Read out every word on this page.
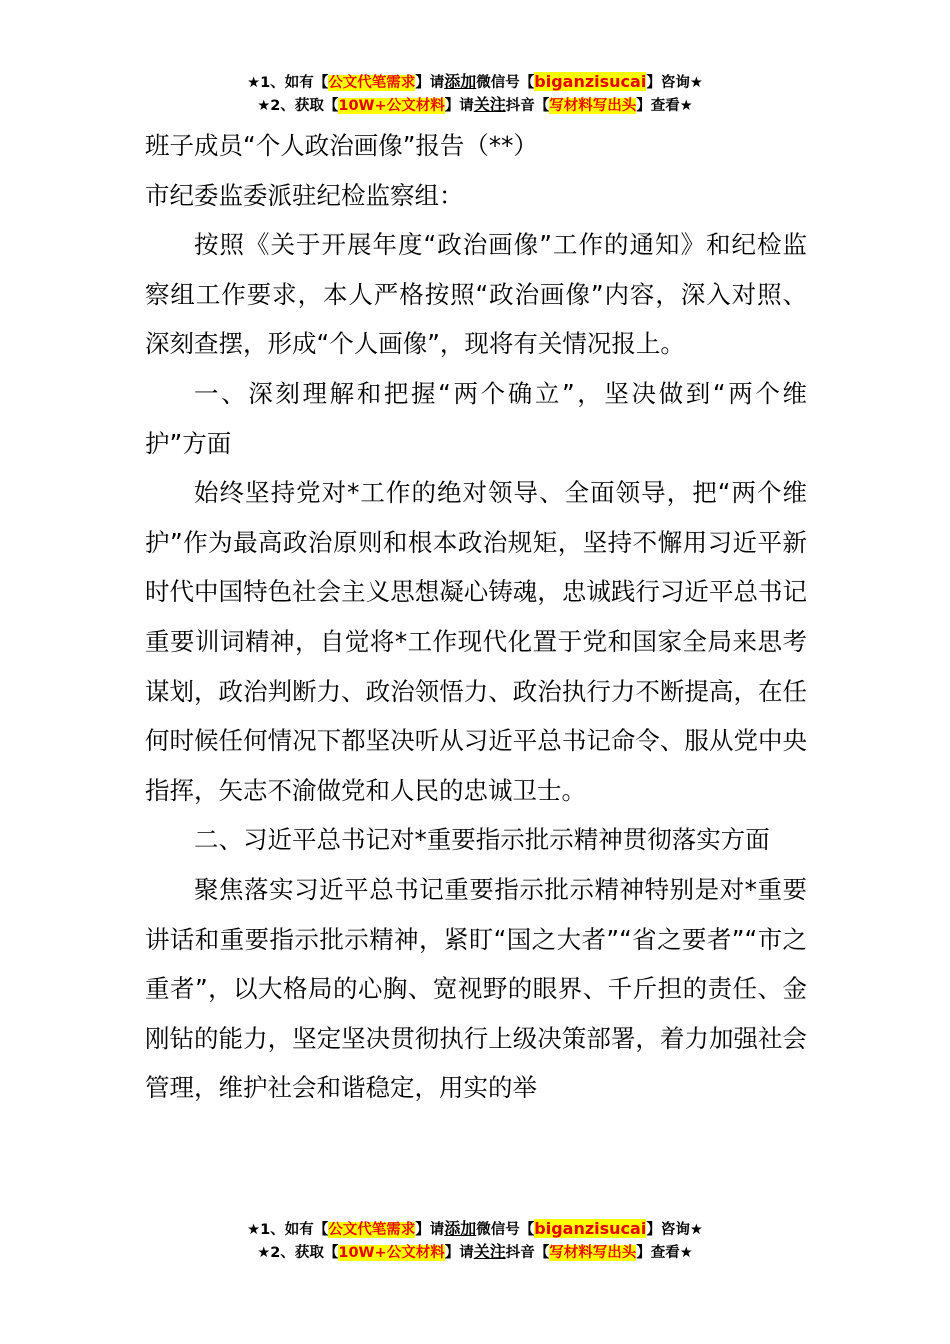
★1、如有【公文代笔需求】请添加微信号【biganzisucai】咨询★
★2、获取【10W+公文材料】请关注抖音【写材料写出头】查看★

班子成员“个人政治画像”报告（**）

市纪委监委派驻纪检监察组：

按照《关于开展年度“政治画像”工作的通知》和纪检监察组工作要求，本人严格按照“政治画像”内容，深入对照、深刻查摆，形成“个人画像”，现将有关情况报上。

一、深刻理解和把握“两个确立”，坚决做到“两个维护”方面

始终坚持党对*工作的绝对领导、全面领导，把“两个维护”作为最高政治原则和根本政治规矩，坚持不懈用习近平新时代中国特色社会主义思想凝心铸魂，忠诚践行习近平总书记重要训词精神，自觉将*工作现代化置于党和国家全局来思考谋划，政治判断力、政治领悟力、政治执行力不断提高，在任何时候任何情况下都坚决听从习近平总书记命令、服从党中央指挥，矢志不渝做党和人民的忠诚卫士。

二、习近平总书记对*重要指示批示精神贯彻落实方面

聚焦落实习近平总书记重要指示批示精神特别是对*重要讲话和重要指示批示精神，紧盯“国之大者”“省之要者”“市之重者”，以大格局的心胸、宽视野的眼界、千斤担的责任、金刚钻的能力，坚定坚决贯彻执行上级决策部署，着力加强社会管理，维护社会和谐稳定，用实的举

★1、如有【公文代笔需求】请添加微信号【biganzisucai】咨询★
★2、获取【10W+公文材料】请关注抖音【写材料写出头】查看★
